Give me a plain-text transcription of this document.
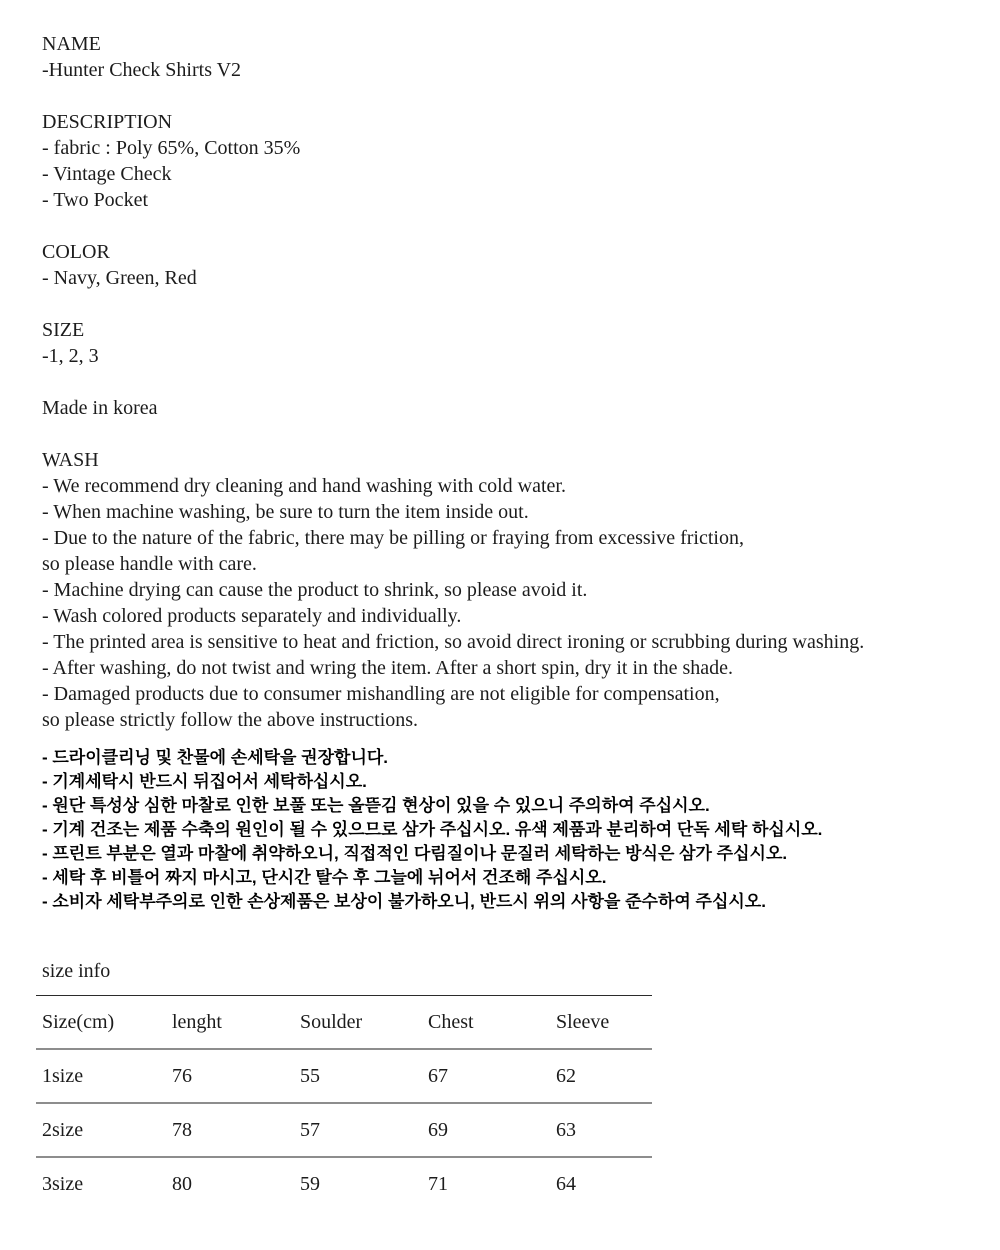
NAME

-Hunter Check Shirts V2

DESCRIPTION

- fabric : Poly 65%, Cotton 35%

- Vintage Check

- Two Pocket

COLOR

- Navy, Green, Red

SIZE

-1, 2, 3

Made in korea

WASH

- We recommend dry cleaning and hand washing with cold water.

- When machine washing, be sure to turn the item inside out.

- Due to the nature of the fabric, there may be pilling or fraying from excessive friction,

so please handle with care.

- Machine drying can cause the product to shrink, so please avoid it.

- Wash colored products separately and individually.

- The printed area is sensitive to heat and friction, so avoid direct ironing or scrubbing during washing.

- After washing, do not twist and wring the item. After a short spin, dry it in the shade.

- Damaged products due to consumer mishandling are not eligible for compensation,

so please strictly follow the above instructions.

- 드라이클리닝 및 찬물에 손세탁을 권장합니다.

- 기계세탁시 반드시 뒤집어서 세탁하십시오.

- 원단 특성상 심한 마찰로 인한 보풀 또는 올뜯김 현상이 있을 수 있으니 주의하여 주십시오.

- 기계 건조는 제품 수축의 원인이 될 수 있으므로 삼가 주십시오. 유색 제품과 분리하여 단독 세탁 하십시오.

- 프린트 부분은 열과 마찰에 취약하오니, 직접적인 다림질이나 문질러 세탁하는 방식은 삼가 주십시오.

- 세탁 후 비틀어 짜지 마시고, 단시간 탈수 후 그늘에 뉘어서 건조해 주십시오.

- 소비자 세탁부주의로 인한 손상제품은 보상이 불가하오니, 반드시 위의 사항을 준수하여 주십시오.

size info

Size(cm)	lenght	Soulder	Chest	Sleeve
1size	76	55	67	62
2size	78	57	69	63
3size	80	59	71	64
